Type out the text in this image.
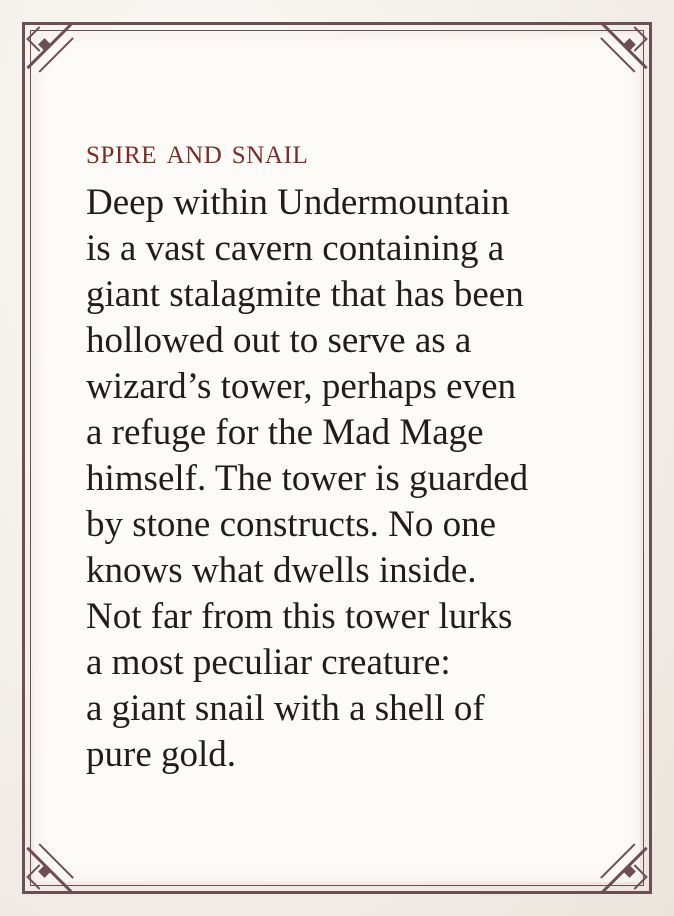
spire and snail
Deep within Undermountain
is a vast cavern containing a
giant stalagmite that has been
hollowed out to serve as a
wizard’s tower, perhaps even
a refuge for the Mad Mage
himself. The tower is guarded
by stone constructs. No one
knows what dwells inside.
Not far from this tower lurks
a most peculiar creature:
a giant snail with a shell of
pure gold.
